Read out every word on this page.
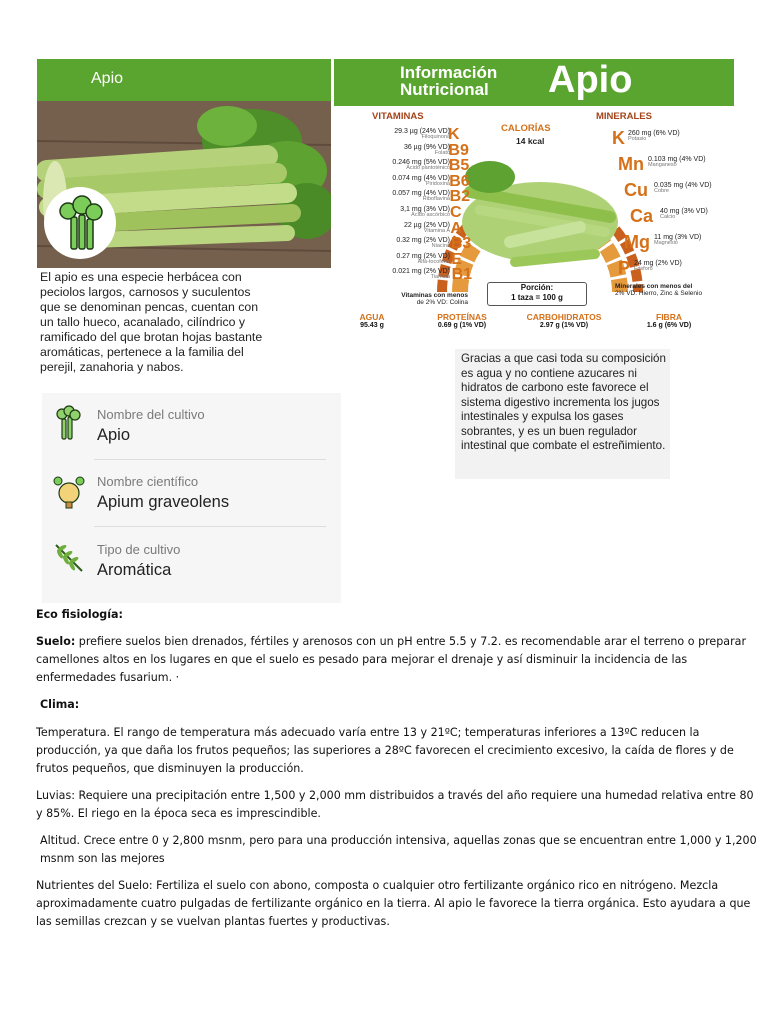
Apio
El apio es una especie herbácea con peciolos largos, carnosos y suculentos que se denominan pencas, cuentan con un tallo hueco, acanalado, cilíndrico y ramificado del que brotan hojas bastante aromáticas, pertenece a la familia del perejil, zanahoria y nabos.
Información
Nutricional Apio
VITAMINAS
CALORÍAS
14 kcal
MINERALES
29.3 µg (24% VD)
Filoquinona
K
36 µg (9% VD)
Folato
B9
0.246 mg (5% VD)
Ácido pantoténico
B5
0.074 mg (4% VD)
Piridoxina B6
0.057 mg (4% VD)
Riboflavina B2
3,1 mg (3% VD)
Ácido ascórbico C
22 µg (2% VD)
Vitamina A A
0.32 mg (2% VD)
Niacina B3
0.27 mg (2% VD)
Alfa-tocoferol E
0.021 mg (2% VD)
Tiamina B1
K 260 mg (6% VD)
Potasio
Mn 0.103 mg (4% VD)
Manganeso
Cu 0.035 mg (4% VD)
Cobre
Ca 40 mg (3% VD)
Calcio
Mg 11 mg (3% VD)
Magnesio
P 24 mg (2% VD)
Fósforo
Vitaminas con menos
de 2% VD: Colina
Porción:
1 taza = 100 g
Minerales con menos del
2% VD: Hierro, Zinc & Selenio
AGUA
95.43 g
PROTEÍNAS
0.69 g (1% VD)
CARBOHIDRATOS
2.97 g (1% VD)
FIBRA
1.6 g (6% VD)
Gracias a que casi toda su composición es agua y no contiene azucares ni hidratos de carbono este favorece el sistema digestivo incrementa los jugos intestinales y expulsa los gases sobrantes, y es un buen regulador intestinal que combate el estreñimiento.
Nombre del cultivo
Apio
Nombre científico
Apium graveolens
Tipo de cultivo
Aromática
Eco fisiología:
Suelo: prefiere suelos bien drenados, fértiles y arenosos con un pH entre 5.5 y 7.2. es recomendable arar el terreno o preparar camellones altos en los lugares en que el suelo es pesado para mejorar el drenaje y así disminuir la incidencia de las enfermedades fusarium. ·
Clima:
Temperatura. El rango de temperatura más adecuado varía entre 13 y 21ºC; temperaturas inferiores a 13ºC reducen la producción, ya que daña los frutos pequeños; las superiores a 28ºC favorecen el crecimiento excesivo, la caída de flores y de frutos pequeños, que disminuyen la producción.
Luvias: Requiere una precipitación entre 1,500 y 2,000 mm distribuidos a través del año requiere una humedad relativa entre 80 y 85%. El riego en la época seca es imprescindible.
Altitud. Crece entre 0 y 2,800 msnm, pero para una producción intensiva, aquellas zonas que se encuentran entre 1,000 y 1,200 msnm son las mejores
Nutrientes del Suelo: Fertiliza el suelo con abono, composta o cualquier otro fertilizante orgánico rico en nitrógeno. Mezcla aproximadamente cuatro pulgadas de fertilizante orgánico en la tierra. Al apio le favorece la tierra orgánica. Esto ayudara a que las semillas crezcan y se vuelvan plantas fuertes y productivas.
